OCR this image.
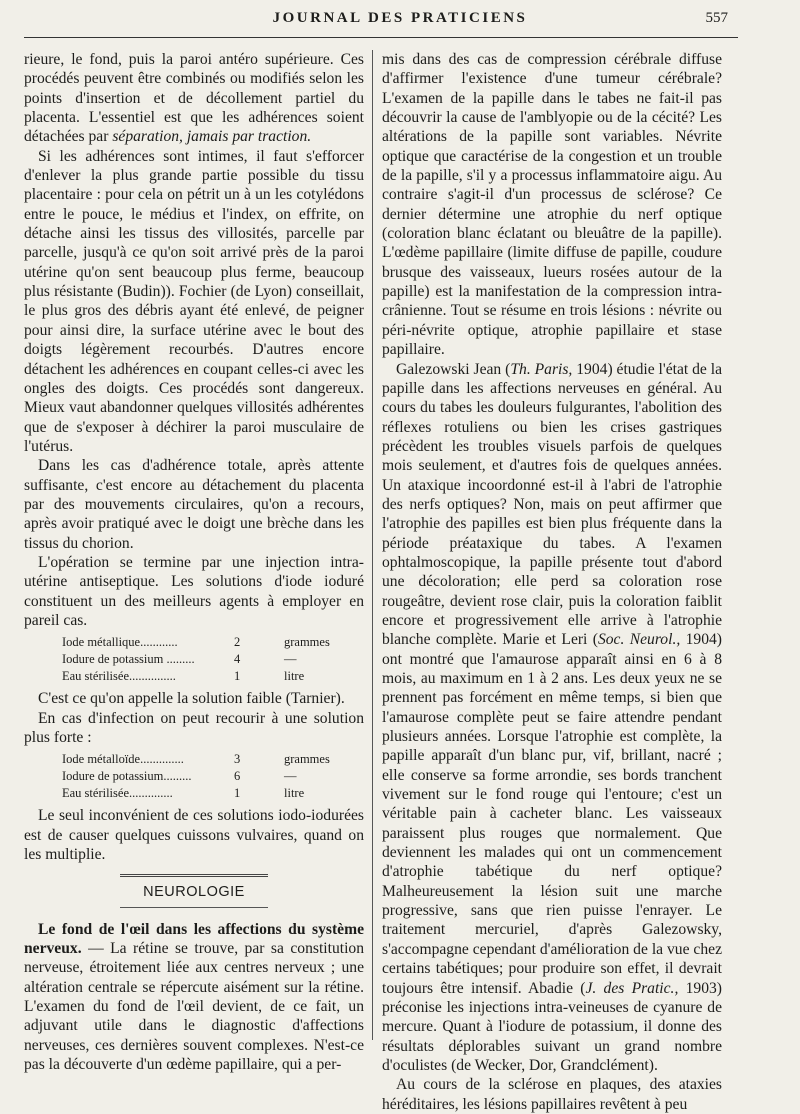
JOURNAL DES PRATICIENS	557

rieure, le fond, puis la paroi antéro supérieure. Ces procédés peuvent être combinés ou modifiés selon les points d'insertion et de décollement partiel du placenta. L'essentiel est que les adhérences soient détachées par séparation, jamais par traction.

Si les adhérences sont intimes, il faut s'efforcer d'enlever la plus grande partie possible du tissu placentaire : pour cela on pétrit un à un les cotylédons entre le pouce, le médius et l'index, on effrite, on détache ainsi les tissus des villosités, parcelle par parcelle, jusqu'à ce qu'on soit arrivé près de la paroi utérine qu'on sent beaucoup plus ferme, beaucoup plus résistante (Budin)). Fochier (de Lyon) conseillait, le plus gros des débris ayant été enlevé, de peigner pour ainsi dire, la surface utérine avec le bout des doigts légèrement recourbés. D'autres encore détachent les adhérences en coupant celles-ci avec les ongles des doigts. Ces procédés sont dangereux. Mieux vaut abandonner quelques villosités adhérentes que de s'exposer à déchirer la paroi musculaire de l'utérus.

Dans les cas d'adhérence totale, après attente suffisante, c'est encore au détachement du placenta par des mouvements circulaires, qu'on a recours, après avoir pratiqué avec le doigt une brèche dans les tissus du chorion.

L'opération se termine par une injection intra-utérine antiseptique. Les solutions d'iode ioduré constituent un des meilleurs agents à employer en pareil cas.

Iode métallique............	2	grammes
Iodure de potassium .........	4	—
Eau stérilisée...............	1	litre

C'est ce qu'on appelle la solution faible (Tarnier).

En cas d'infection on peut recourir à une solution plus forte :

Iode métalloïde..............	3	grammes
Iodure de potassium.........	6	—
Eau stérilisée..............	1	litre

Le seul inconvénient de ces solutions iodo-iodurées est de causer quelques cuissons vulvaires, quand on les multiplie.

NEUROLOGIE

Le fond de l'œil dans les affections du système nerveux. — La rétine se trouve, par sa constitution nerveuse, étroitement liée aux centres nerveux ; une altération centrale se répercute aisément sur la rétine. L'examen du fond de l'œil devient, de ce fait, un adjuvant utile dans le diagnostic d'affections nerveuses, ces dernières souvent complexes. N'est-ce pas la découverte d'un œdème papillaire, qui a per-

mis dans des cas de compression cérébrale diffuse d'affirmer l'existence d'une tumeur cérébrale? L'examen de la papille dans le tabes ne fait-il pas découvrir la cause de l'amblyopie ou de la cécité? Les altérations de la papille sont variables. Névrite optique que caractérise de la congestion et un trouble de la papille, s'il y a processus inflammatoire aigu. Au contraire s'agit-il d'un processus de sclérose? Ce dernier détermine une atrophie du nerf optique (coloration blanc éclatant ou bleuâtre de la papille). L'œdème papillaire (limite diffuse de papille, coudure brusque des vaisseaux, lueurs rosées autour de la papille) est la manifestation de la compression intra-crânienne. Tout se résume en trois lésions : névrite ou péri-névrite optique, atrophie papillaire et stase papillaire.

Galezowski Jean (Th. Paris, 1904) étudie l'état de la papille dans les affections nerveuses en général. Au cours du tabes les douleurs fulgurantes, l'abolition des réflexes rotuliens ou bien les crises gastriques précèdent les troubles visuels parfois de quelques mois seulement, et d'autres fois de quelques années. Un ataxique incoordonné est-il à l'abri de l'atrophie des nerfs optiques? Non, mais on peut affirmer que l'atrophie des papilles est bien plus fréquente dans la période préataxique du tabes. A l'examen ophtalmoscopique, la papille présente tout d'abord une décoloration; elle perd sa coloration rose rougeâtre, devient rose clair, puis la coloration faiblit encore et progressivement elle arrive à l'atrophie blanche complète. Marie et Leri (Soc. Neurol., 1904) ont montré que l'amaurose apparaît ainsi en 6 à 8 mois, au maximum en 1 à 2 ans. Les deux yeux ne se prennent pas forcément en même temps, si bien que l'amaurose complète peut se faire attendre pendant plusieurs années. Lorsque l'atrophie est complète, la papille apparaît d'un blanc pur, vif, brillant, nacré ; elle conserve sa forme arrondie, ses bords tranchent vivement sur le fond rouge qui l'entoure; c'est un véritable pain à cacheter blanc. Les vaisseaux paraissent plus rouges que normalement. Que deviennent les malades qui ont un commencement d'atrophie tabétique du nerf optique? Malheureusement la lésion suit une marche progressive, sans que rien puisse l'enrayer. Le traitement mercuriel, d'après Galezowsky, s'accompagne cependant d'amélioration de la vue chez certains tabétiques; pour produire son effet, il devrait toujours être intensif. Abadie (J. des Pratic., 1903) préconise les injections intra-veineuses de cyanure de mercure. Quant à l'iodure de potassium, il donne des résultats déplorables suivant un grand nombre d'oculistes (de Wecker, Dor, Grandclément).

Au cours de la sclérose en plaques, des ataxies héréditaires, les lésions papillaires revêtent à peu
